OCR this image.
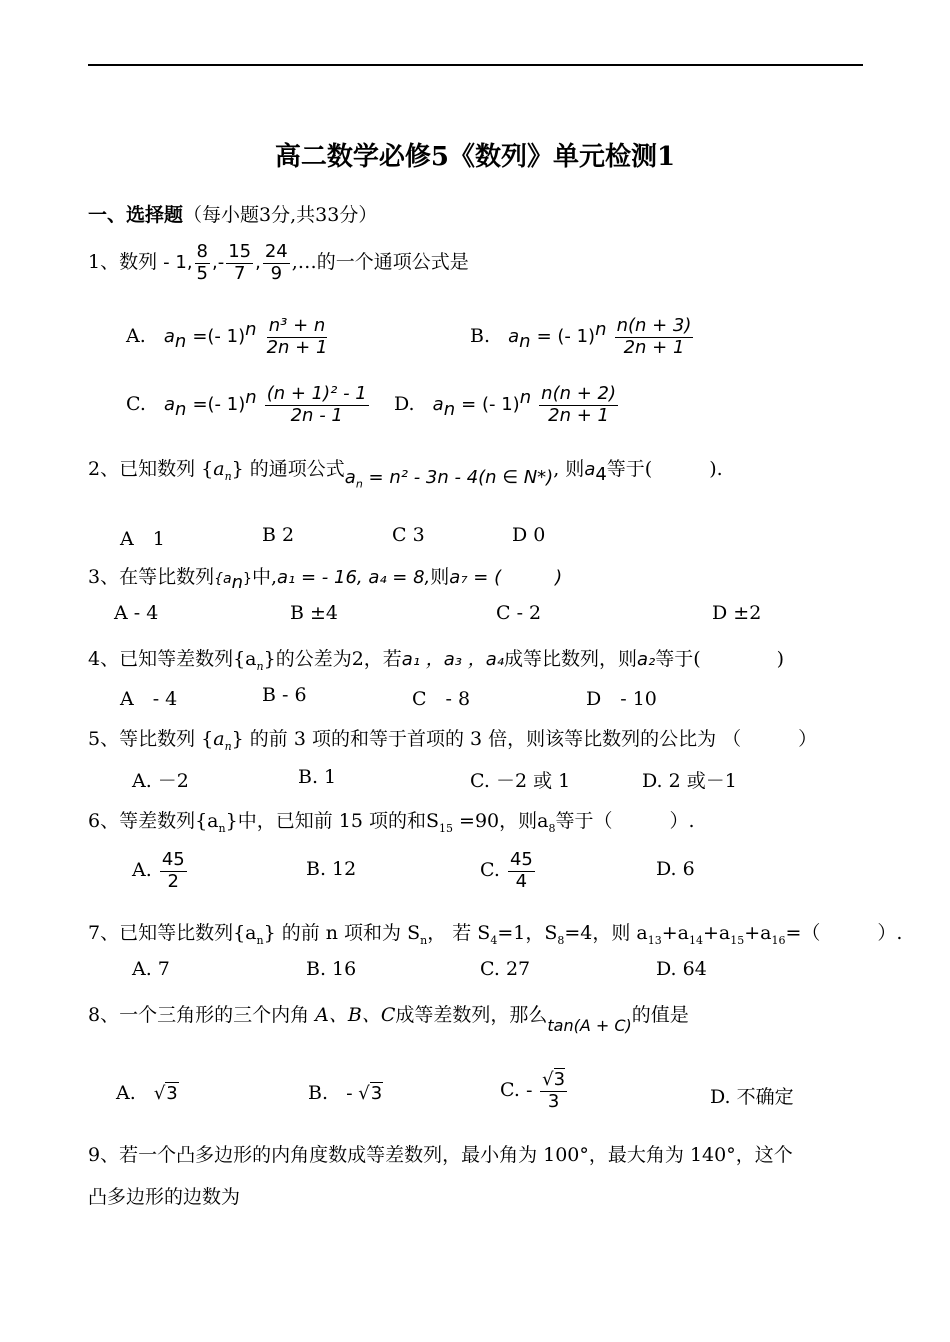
高二数学必修5《数列》单元检测1
一、选择题（每小题3分,共33分）
1、数列 - 1, $\frac{8}{5}$ ,- $\frac{15}{7}$ , $\frac{24}{9}$ ,…的一个通项公式是
A. $a_n$ =(- $1)^n \frac{\text{n³ + n}}{2n + 1}$	B. $a_n$ = (- $1)^n \frac{n(n + 3)}{2n + 1}$
C. $a_n$ =(- $1)^n \frac{\text{(n + 1)² - 1}}{2n - 1} D$. $a_n$ = (- $1)^n \frac{n(n + 2)}{2n + 1}$
2、已知数列 $\{a_n\}$ 的通项公式$a_n = n^2 - 3n - 4(n$ ∈ N*), 则$a_4$等于(　　　).
A　1	B 2	C 3	D 0
3、在等比数列$\{a_n\}$中,a₁ = - 16, a₄ = 8,则a₇ = (　　　)
A - 4	B ±4	C - 2	D ±2
4、已知等差数列$\{a_n\}$的公差为2，若a₁ ，a₃ ，a₄成等比数列，则a₂等于(　　　　)
A　- 4	B - 6	C　- 8	D　- 10
5、等比数列 $\{a_n\}$ 的前 3 项的和等于首项的 3 倍，则该等比数列的公比为 （　　　）
A. －2	B. 1	C. －2 或 1	D. 2 或－1
6、等差数列$\{a_n\}$中，已知前 15 项的和$S_{15} =90$，则$a_8$等于（　　　）.
A. $\frac{45}{2}$	B. 12	C. $\frac{45}{4}$	D. 6
7、已知等比数列$\{a_n\}$ 的前 n 项和为 $S_n$， 若 $S_4=1$，$S_8=4$，则 $a_{13}+a_{14}+a_{15}+a_{16}=$（　　　）.
A. 7	B. 16	C. 27	D. 64
8、一个三角形的三个内角 A、B、C成等差数列，那么$_{tan(A + C)}$的值是
A. √3	B. - √3	C. - $\frac{√3}{3}$	D. 不确定
9、若一个凸多边形的内角度数成等差数列，最小角为 100°，最大角为 140°，这个
凸多边形的边数为
